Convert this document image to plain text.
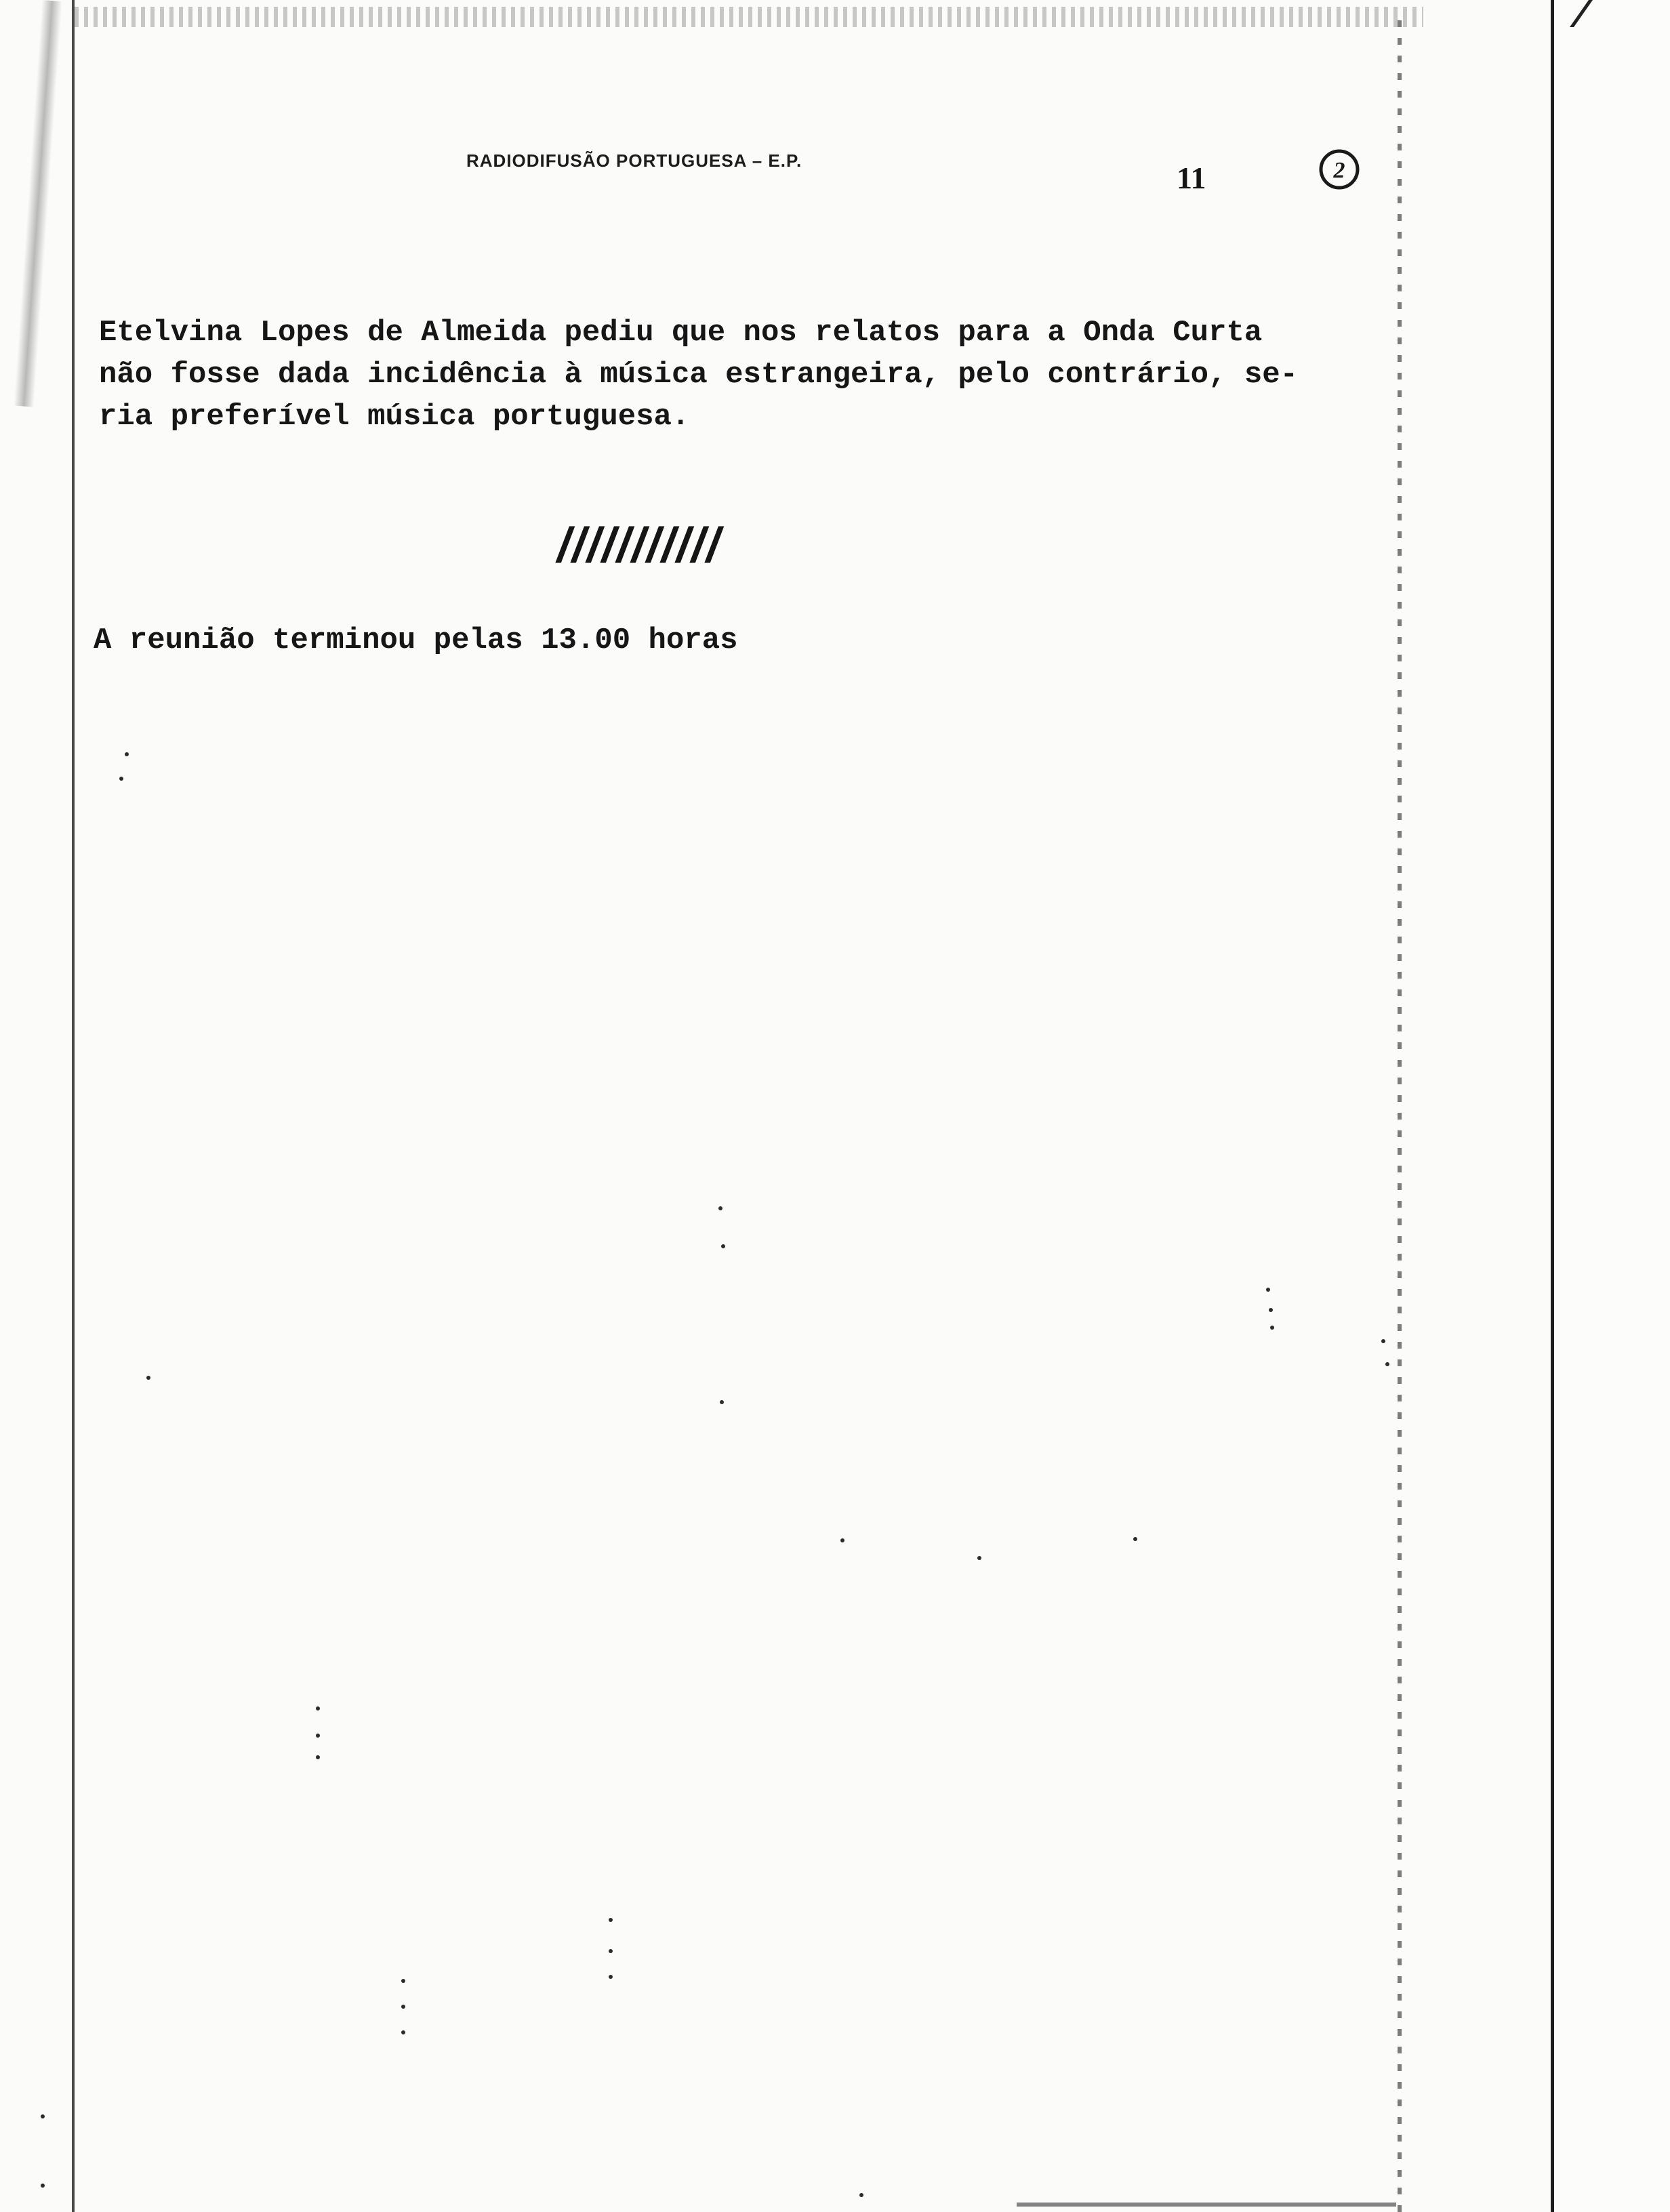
RADIODIFUSÃO PORTUGUESA – E.P.	11	2
Etelvina Lopes de Almeida pediu que nos relatos para a Onda Curta
não fosse dada incidência à música estrangeira, pelo contrário, se-
ria preferível música portuguesa.
///////////
A reunião terminou pelas 13.00 horas
